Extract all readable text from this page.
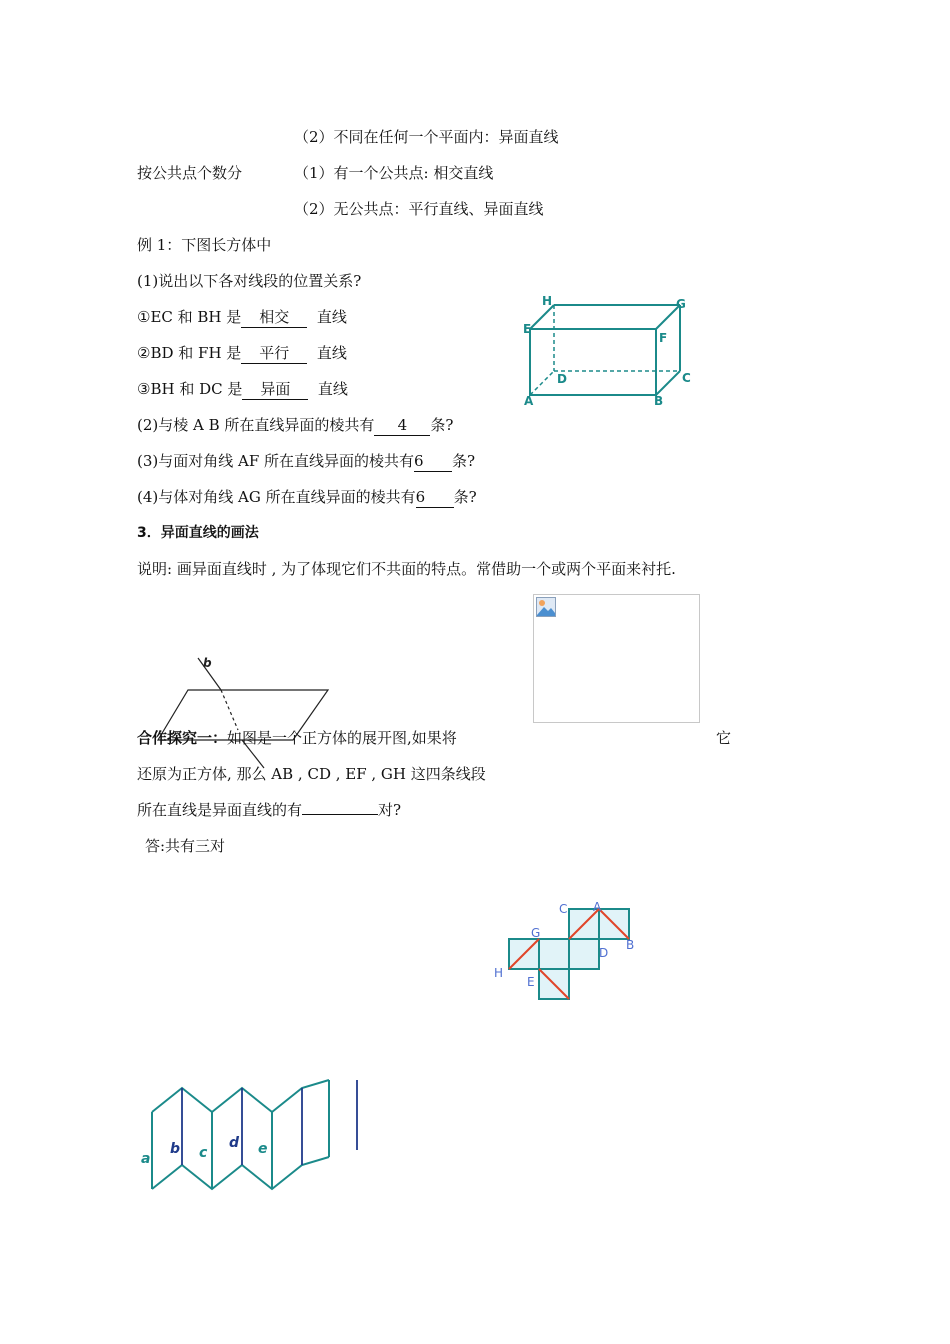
（2）不同在任何一个平面内：异面直线
按公共点个数分	（1）有一个公共点: 相交直线
（2）无公共点：平行直线、异面直线
例 1：下图长方体中
(1)说出以下各对线段的位置关系?
①EC 和 BH 是 相交 直线
②BD 和 FH 是 平行 直线
③BH 和 DC 是 异面 直线
(2)与棱 A B 所在直线异面的棱共有 4 条?
(3)与面对角线 AF 所在直线异面的棱共有6 条?
(4)与体对角线 AG 所在直线异面的棱共有6 条?
3．异面直线的画法
说明: 画异面直线时 , 为了体现它们不共面的特点。常借助一个或两个平面来衬托.
H	G
E
F
D	C
A	B
b
合作探究一：如图是一个正方体的展开图,如果将	它
还原为正方体, 那么 AB , CD , EF , GH 这四条线段
所在直线是异面直线的有	对?
答:共有三对
C A
G
B
D
H
E
a
b c
d e
